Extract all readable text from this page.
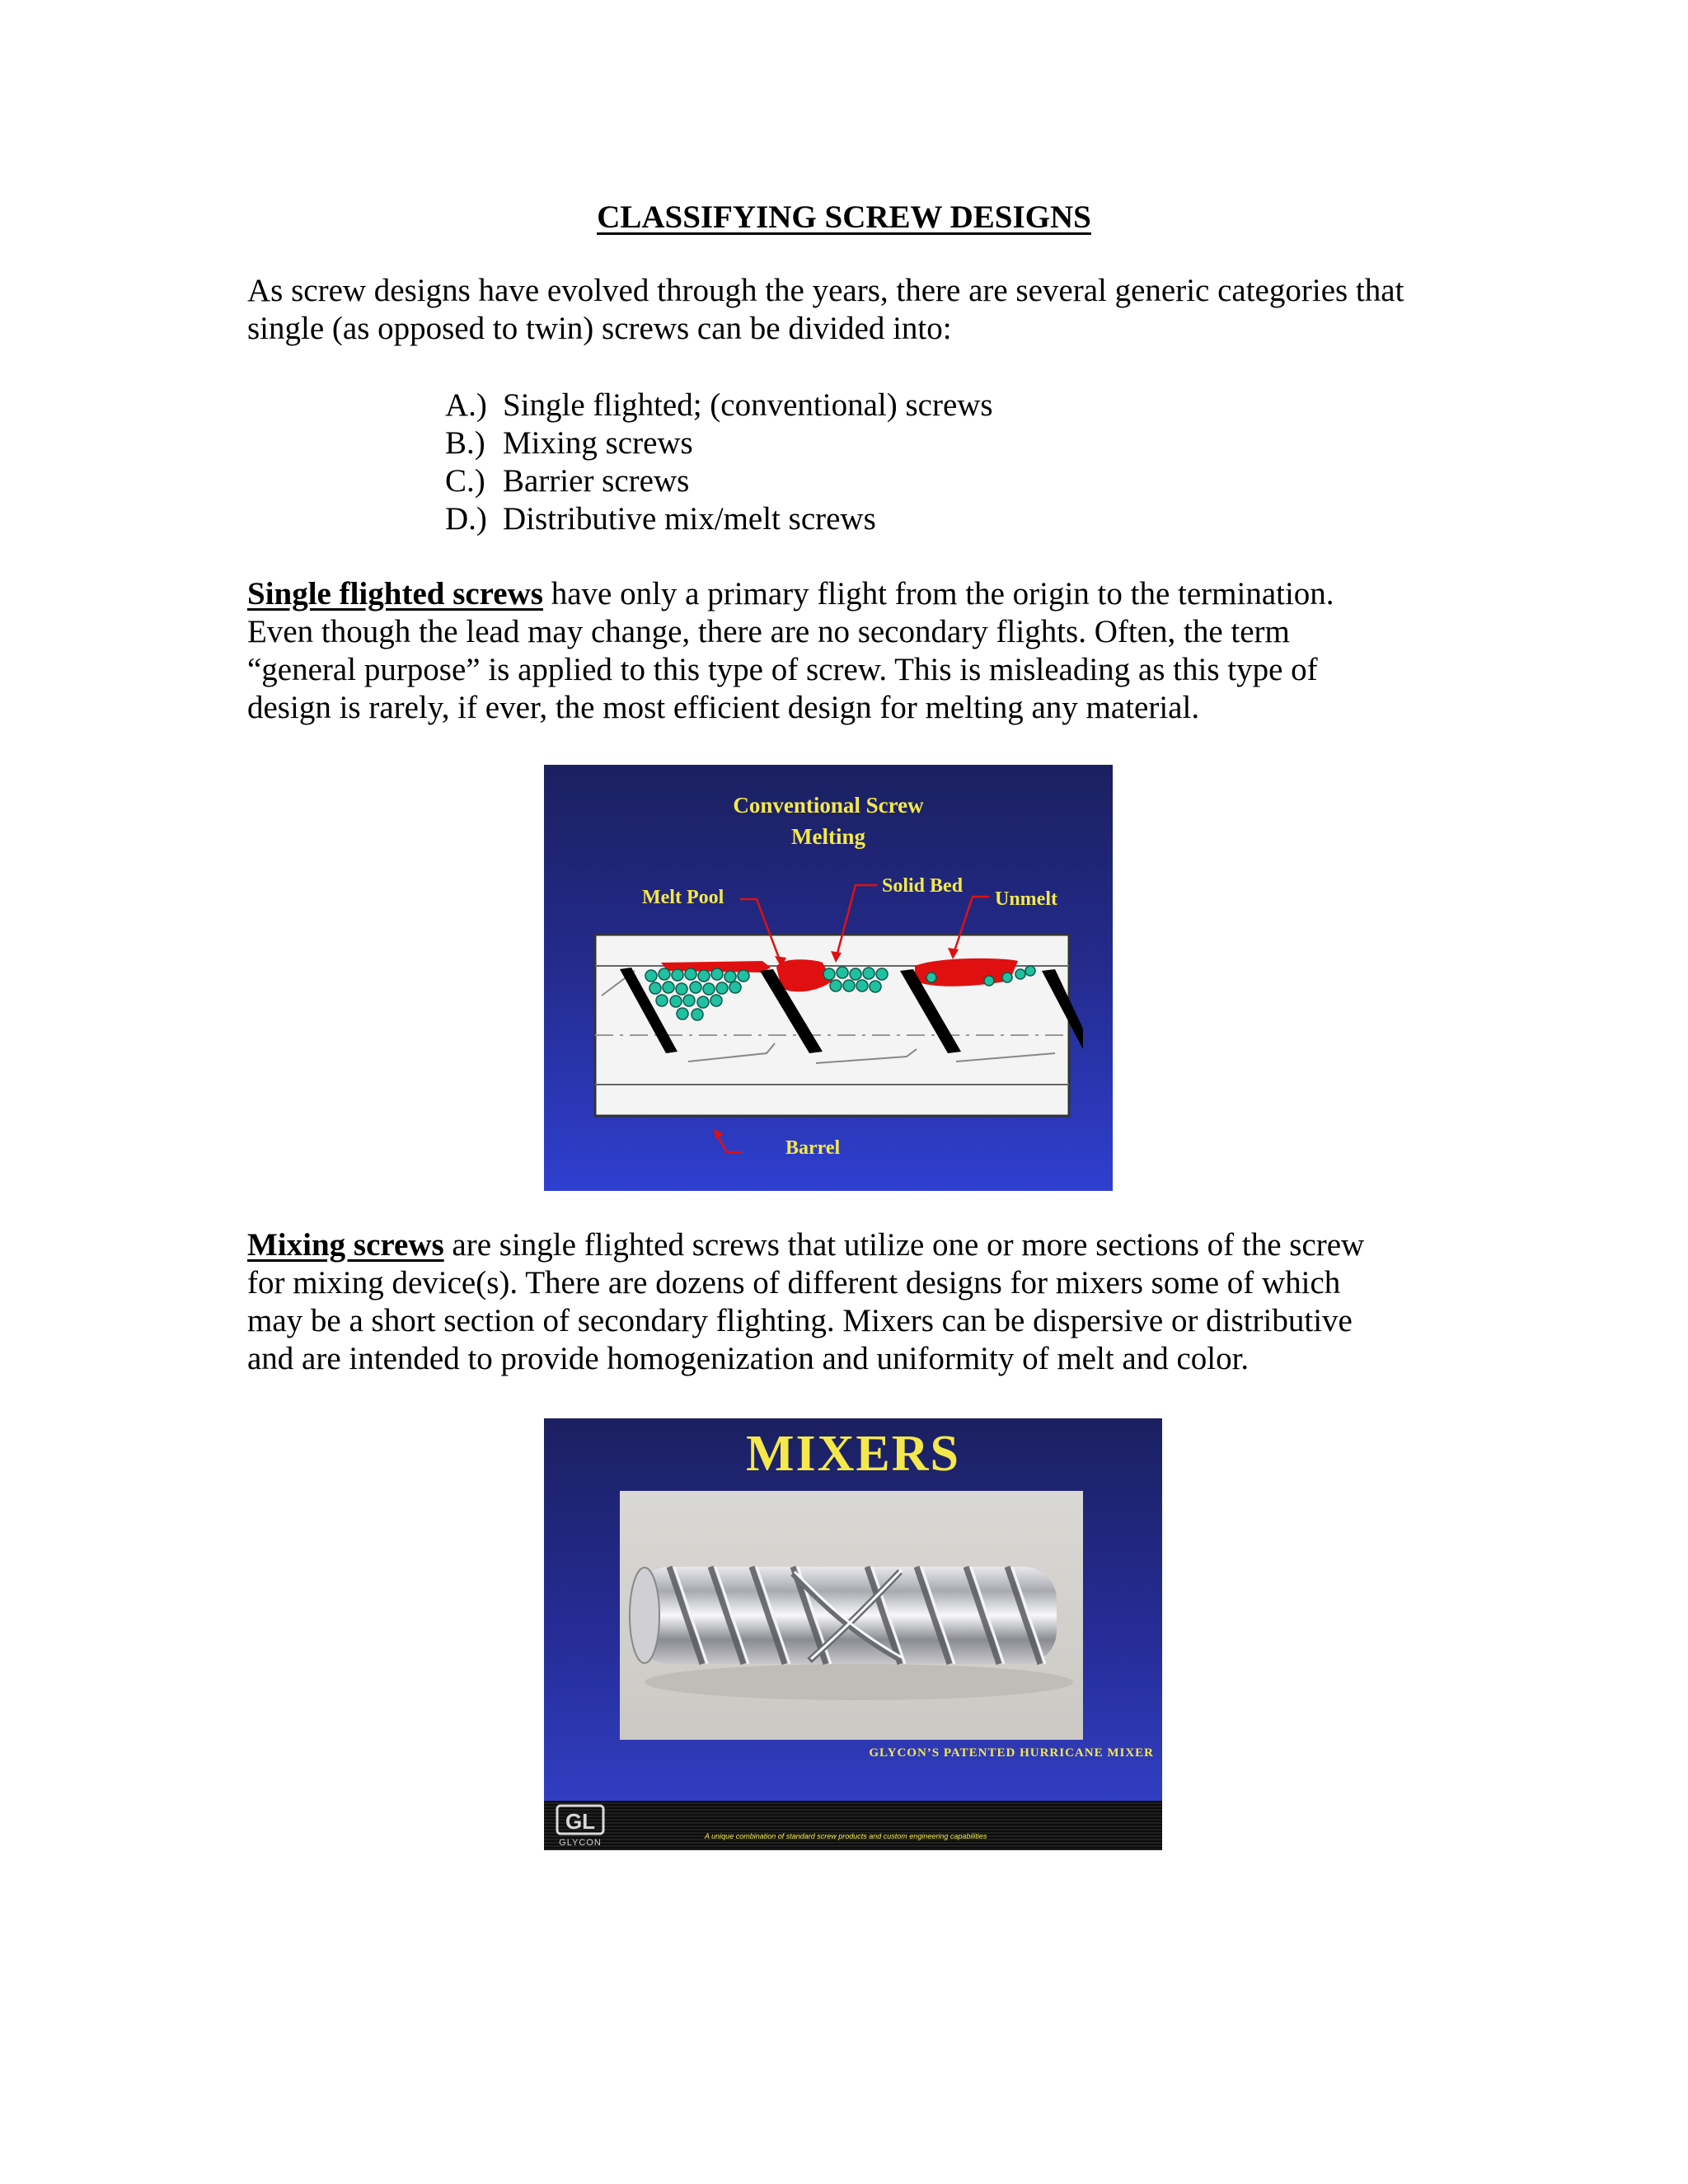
CLASSIFYING SCREW DESIGNS

As screw designs have evolved through the years, there are several generic categories that
single (as opposed to twin) screws can be divided into:

A.) Single flighted; (conventional) screws
B.) Mixing screws
C.) Barrier screws
D.) Distributive mix/melt screws

Single flighted screws have only a primary flight from the origin to the termination.
Even though the lead may change, there are no secondary flights. Often, the term
“general purpose” is applied to this type of screw. This is misleading as this type of
design is rarely, if ever, the most efficient design for melting any material.

Conventional Screw
Melting
Melt Pool
Solid Bed
Unmelt
Barrel

Mixing screws are single flighted screws that utilize one or more sections of the screw
for mixing device(s). There are dozens of different designs for mixers some of which
may be a short section of secondary flighting. Mixers can be dispersive or distributive
and are intended to provide homogenization and uniformity of melt and color.

MIXERS
GLYCON’S PATENTED HURRICANE MIXER
GL
GLYCON
A unique combination of standard screw products and custom engineering capabilities
